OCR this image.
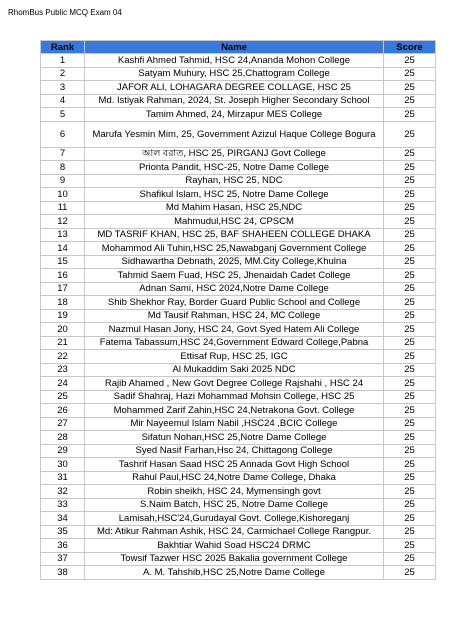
RhomBus Public MCQ Exam 04
Rank	Name	Score
1	Kashfi Ahmed Tahmid, HSC 24,Ananda Mohon College	25
2	Satyam Muhury, HSC 25,Chattogram College	25
3	JAFOR ALI, LOHAGARA DEGREE COLLAGE, HSC 25	25
4	Md. Istiyak Rahman, 2024, St. Joseph Higher Secondary School	25
5	Tamim Ahmed, 24, Mirzapur MES College	25
6	Marufa Yesmin Mim, 25, Government Azizul Haque College Bogura	25
7	আল বরাত, HSC 25, PIRGANJ Govt College	25
8	Prionta Pandit, HSC-25, Notre Dame College	25
9	Rayhan, HSC 25, NDC	25
10	Shafikul Islam, HSC 25, Notre Dame College	25
11	Md Mahim Hasan, HSC 25,NDC	25
12	Mahmudul,HSC 24, CPSCM	25
13	MD TASRIF KHAN, HSC 25, BAF SHAHEEN COLLEGE DHAKA	25
14	Mohammod Ali Tuhin,HSC 25,Nawabganj Government College	25
15	Sidhawartha Debnath, 2025, MM.City College,Khulna	25
16	Tahmid Saem Fuad, HSC 25, Jhenaidah Cadet College	25
17	Adnan Sami, HSC 2024,Notre Dame College	25
18	Shib Shekhor Ray, Border Guard Public School and College	25
19	Md Tausif Rahman, HSC 24, MC College	25
20	Nazmul Hasan Jony, HSC 24, Govt Syed Hatem Ali College	25
21	Fatema Tabassum,HSC 24,Government Edward College,Pabna	25
22	Ettisaf Rup, HSC 25, IGC	25
23	Al Mukaddim Saki 2025 NDC	25
24	Rajib Ahamed , New Govt Degree College Rajshahi , HSC 24	25
25	Sadif Shahraj, Hazi Mohammad Mohsin College, HSC 25	25
26	Mohammed Zarif Zahin,HSC 24,Netrakona Govt. College	25
27	Mir Nayeemul Islam Nabil ,HSC24 ,BCIC College	25
28	Sifatun Nohan,HSC 25,Notre Dame College	25
29	Syed Nasif Farhan,Hsc 24, Chittagong College	25
30	Tashrif Hasan Saad HSC 25 Annada Govt High School	25
31	Rahul Paul,HSC 24,Notre Dame College, Dhaka	25
32	Robin sheikh, HSC 24, Mymensingh govt	25
33	S.Naim Batch, HSC 25, Notre Dame College	25
34	Lamisah,HSC'24,Gurudayal Govt. College,Kishoreganj	25
35	Md: Atikur Rahman Ashik, HSC 24, Carmichael College Rangpur.	25
36	Bakhtiar Wahid Soad HSC24 DRMC	25
37	Towsif Tazwer HSC 2025 Bakalia government College	25
38	A. M. Tahshib,HSC 25,Notre Dame College	25
